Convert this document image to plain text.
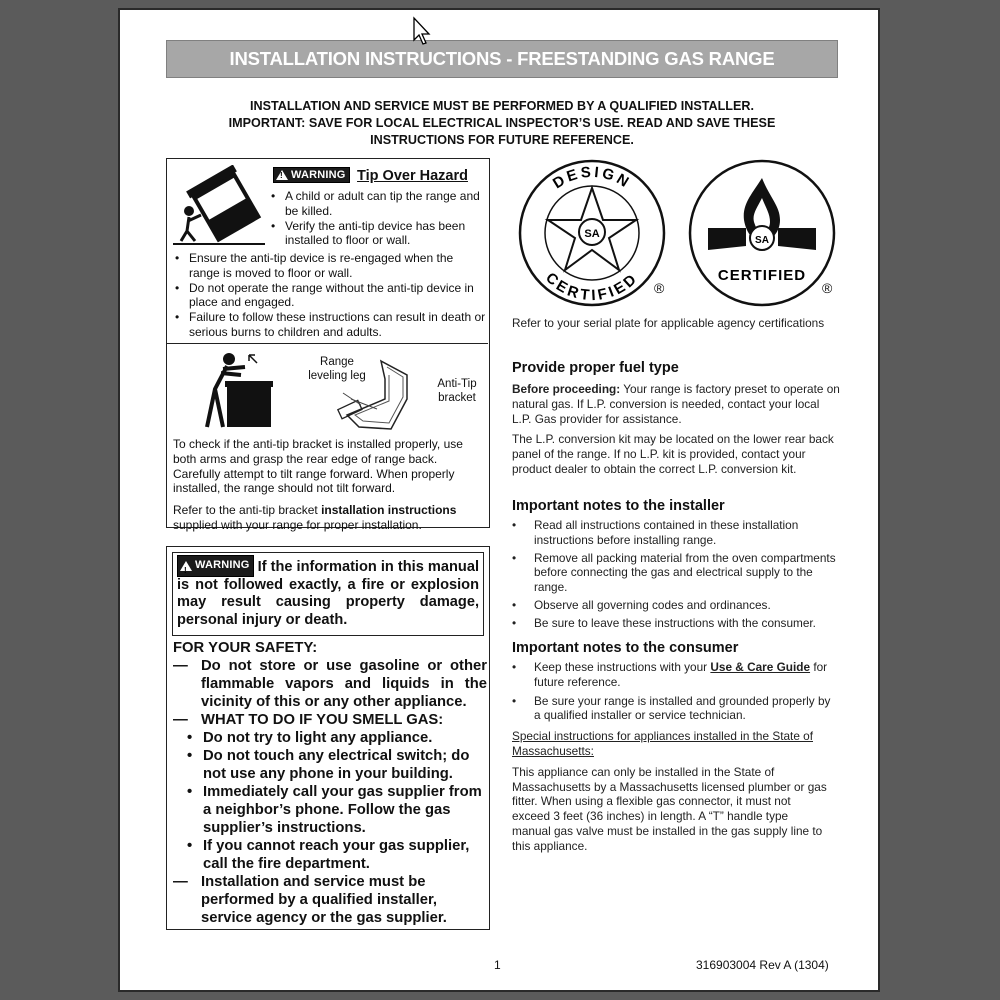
INSTALLATION INSTRUCTIONS - FREESTANDING GAS RANGE
INSTALLATION AND SERVICE MUST BE PERFORMED BY A QUALIFIED INSTALLER.
IMPORTANT: SAVE FOR LOCAL ELECTRICAL INSPECTOR’S USE. READ AND SAVE THESE
INSTRUCTIONS FOR FUTURE REFERENCE.
!
WARNING Tip Over Hazard
• A child or adult can tip the range and be killed.
• Verify the anti-tip device has been installed to floor or wall.
• Ensure the anti-tip device is re-engaged when the range is moved to floor or wall.
• Do not operate the range without the anti-tip device in place and engaged.
• Failure to follow these instructions can result in death or serious burns to children and adults.
Range leveling leg
Anti-Tip bracket
To check if the anti-tip bracket is installed properly, use both arms and grasp the rear edge of range back. Carefully attempt to tilt range forward. When properly installed, the range should not tilt forward.
Refer to the anti-tip bracket installation instructions supplied with your range for proper installation.
!
WARNING If the information in this manual is not followed exactly, a fire or explosion may result causing property damage, personal injury or death.
FOR YOUR SAFETY:
— Do not store or use gasoline or other flammable vapors and liquids in the vicinity of this or any other appliance.
— WHAT TO DO IF YOU SMELL GAS:
• Do not try to light any appliance.
• Do not touch any electrical switch; do not use any phone in your building.
• Immediately call your gas supplier from a neighbor’s phone. Follow the gas supplier’s instructions.
• If you cannot reach your gas supplier, call the fire department.
— Installation and service must be performed by a qualified installer, service agency or the gas supplier.
DESIGN
CERTIFIED
SA
®
SA
CERTIFIED
®
Refer to your serial plate for applicable agency certifications
Provide proper fuel type
Before proceeding: Your range is factory preset to operate on natural gas. If L.P. conversion is needed, contact your local L.P. Gas provider for assistance.
The L.P. conversion kit may be located on the lower rear back panel of the range. If no L.P. kit is provided, contact your product dealer to obtain the correct L.P. conversion kit.
Important notes to the installer
•	Read all instructions contained in these installation instructions before installing range.
•	Remove all packing material from the oven compartments before connecting the gas and electrical supply to the range.
•	Observe all governing codes and ordinances.
•	Be sure to leave these instructions with the consumer.
Important notes to the consumer
•	Keep these instructions with your Use & Care Guide for future reference.
•	Be sure your range is installed and grounded properly by a qualified installer or service technician.
Special instructions for appliances installed in the State of Massachusetts:
This appliance can only be installed in the State of Massachusetts by a Massachusetts licensed plumber or gas fitter. When using a flexible gas connector, it must not exceed 3 feet (36 inches) in length. A “T” handle type manual gas valve must be installed in the gas supply line to this appliance.
1	316903004 Rev A (1304)
